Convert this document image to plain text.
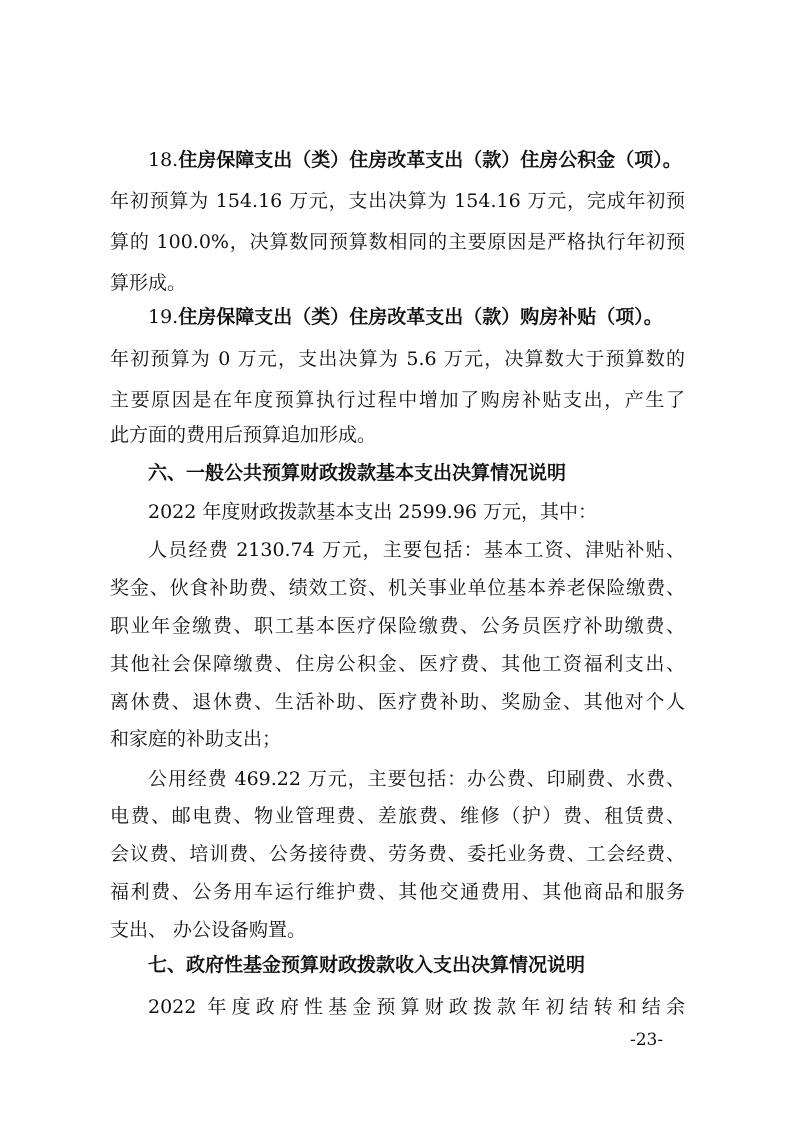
18.住房保障支出（类）住房改革支出（款）住房公积金（项）。
年初预算为 154.16 万元，支出决算为 154.16 万元，完成年初预
算的 100.0%，决算数同预算数相同的主要原因是严格执行年初预
算形成。
19.住房保障支出（类）住房改革支出（款）购房补贴（项）。
年初预算为 0 万元，支出决算为 5.6 万元，决算数大于预算数的
主要原因是在年度预算执行过程中增加了购房补贴支出，产生了
此方面的费用后预算追加形成。
六、一般公共预算财政拨款基本支出决算情况说明
2022 年度财政拨款基本支出 2599.96 万元，其中：
人员经费 2130.74 万元，主要包括：基本工资、津贴补贴、
奖金、伙食补助费、绩效工资、机关事业单位基本养老保险缴费、
职业年金缴费、职工基本医疗保险缴费、公务员医疗补助缴费、
其他社会保障缴费、住房公积金、医疗费、其他工资福利支出、
离休费、退休费、生活补助、医疗费补助、奖励金、其他对个人
和家庭的补助支出；
公用经费 469.22 万元，主要包括：办公费、印刷费、水费、
电费、邮电费、物业管理费、差旅费、维修（护）费、租赁费、
会议费、培训费、公务接待费、劳务费、委托业务费、工会经费、
福利费、公务用车运行维护费、其他交通费用、其他商品和服务
支出、 办公设备购置。
七、政府性基金预算财政拨款收入支出决算情况说明
2022 年度政府性基金预算财政拨款年初结转和结余
-23-
